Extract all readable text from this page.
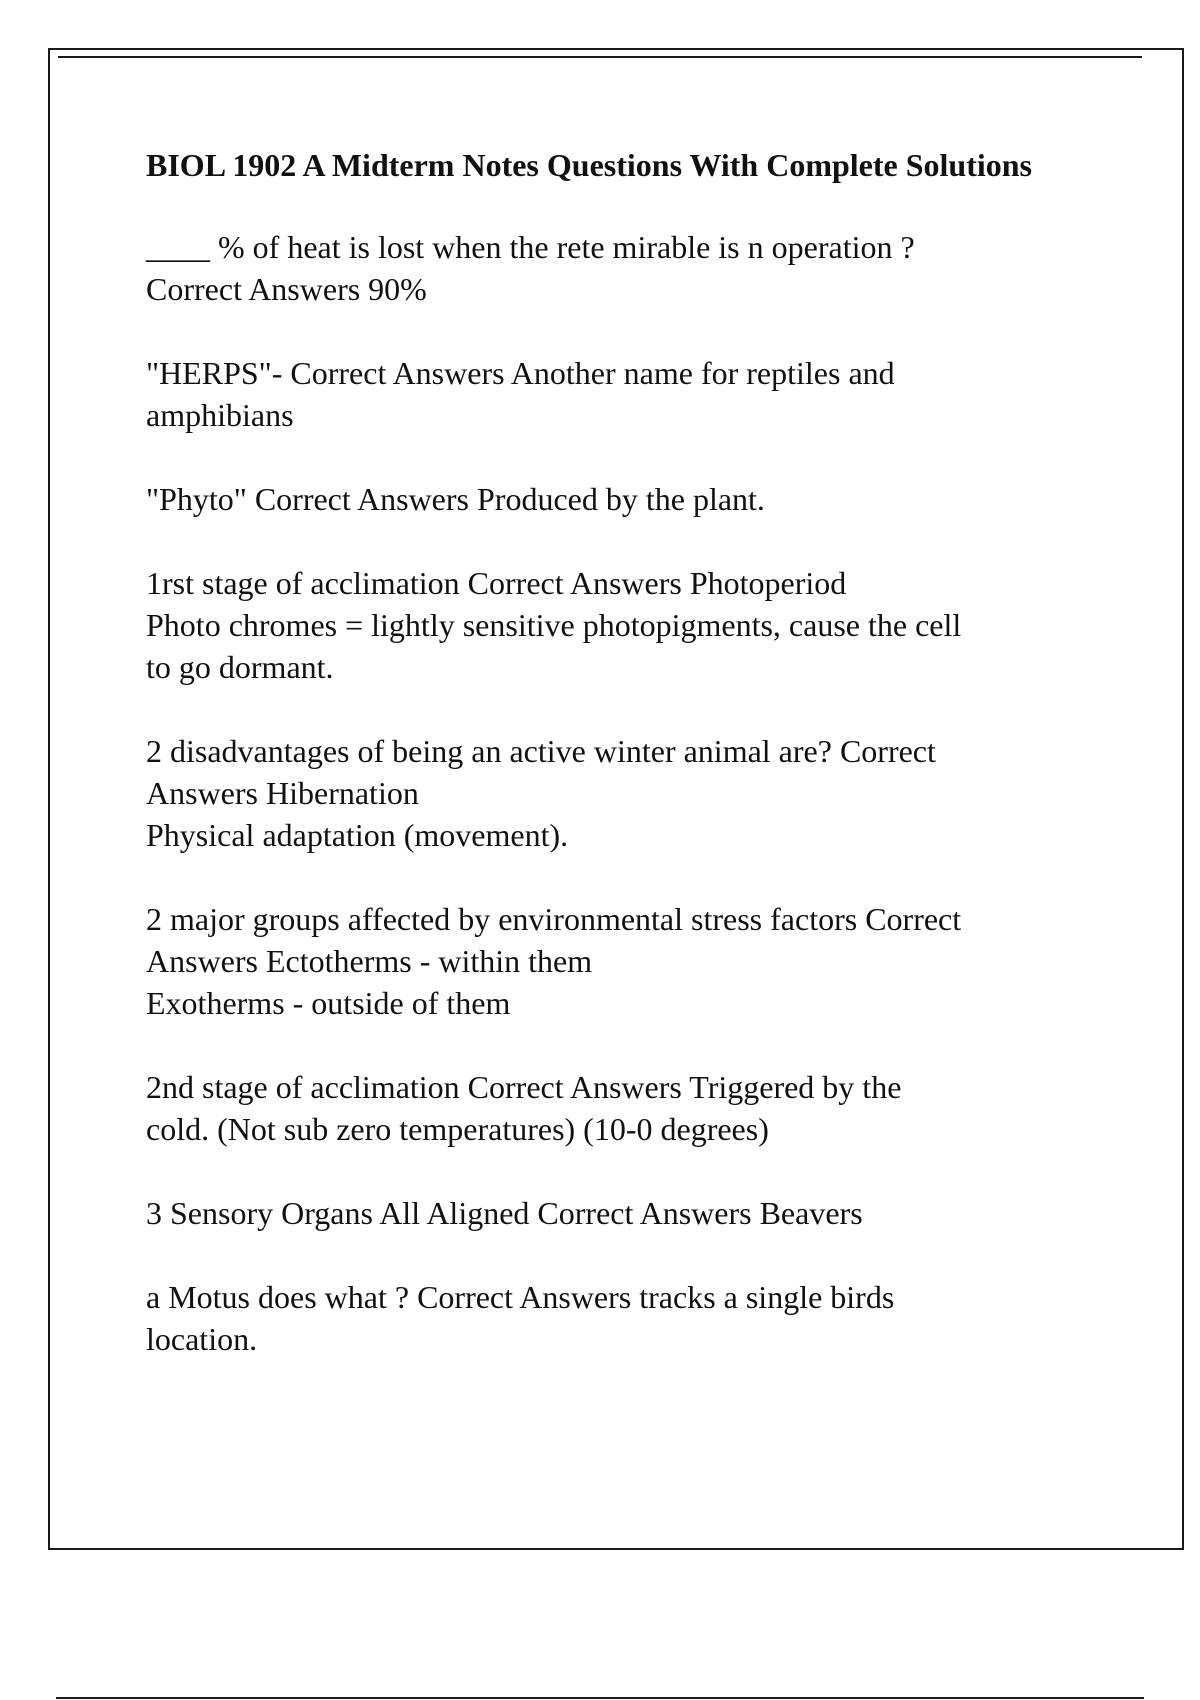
BIOL 1902 A Midterm Notes Questions With Complete Solutions
____ % of heat is lost when the rete mirable is n operation ?
Correct Answers 90%
"HERPS"- Correct Answers Another name for reptiles and
amphibians
"Phyto" Correct Answers Produced by the plant.
1rst stage of acclimation Correct Answers Photoperiod
Photo chromes = lightly sensitive photopigments, cause the cell
to go dormant.
2 disadvantages of being an active winter animal are? Correct
Answers Hibernation
Physical adaptation (movement).
2 major groups affected by environmental stress factors Correct
Answers Ectotherms - within them
Exotherms - outside of them
2nd stage of acclimation Correct Answers Triggered by the
cold. (Not sub zero temperatures) (10-0 degrees)
3 Sensory Organs All Aligned Correct Answers Beavers
a Motus does what ? Correct Answers tracks a single birds
location.
